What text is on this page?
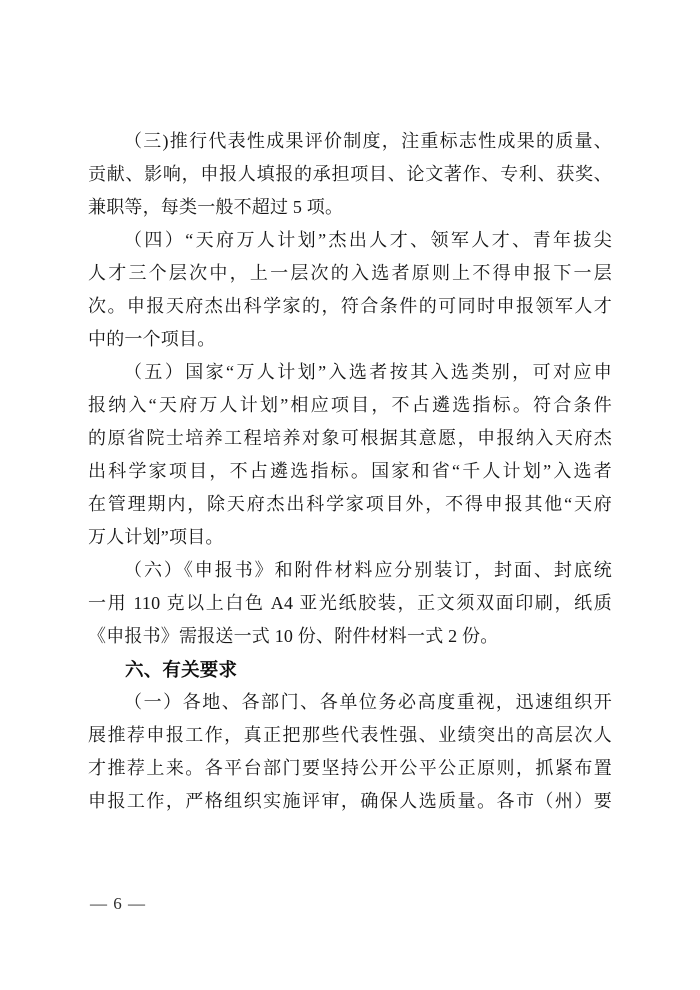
（三)推行代表性成果评价制度，注重标志性成果的质量、
贡献、影响，申报人填报的承担项目、论文著作、专利、获奖、
兼职等，每类一般不超过 5 项。
（四）“天府万人计划”杰出人才、领军人才、青年拔尖
人才三个层次中，上一层次的入选者原则上不得申报下一层
次。申报天府杰出科学家的，符合条件的可同时申报领军人才
中的一个项目。
（五）国家“万人计划”入选者按其入选类别，可对应申
报纳入“天府万人计划”相应项目，不占遴选指标。符合条件
的原省院士培养工程培养对象可根据其意愿，申报纳入天府杰
出科学家项目，不占遴选指标。国家和省“千人计划”入选者
在管理期内，除天府杰出科学家项目外，不得申报其他“天府
万人计划”项目。
（六）《申报书》和附件材料应分别装订，封面、封底统
一用 110 克以上白色 A4 亚光纸胶装，正文须双面印刷，纸质
《申报书》需报送一式 10 份、附件材料一式 2 份。
六、有关要求
（一）各地、各部门、各单位务必高度重视，迅速组织开
展推荐申报工作，真正把那些代表性强、业绩突出的高层次人
才推荐上来。各平台部门要坚持公开公平公正原则，抓紧布置
申报工作，严格组织实施评审，确保人选质量。各市（州）要
— 6 —
